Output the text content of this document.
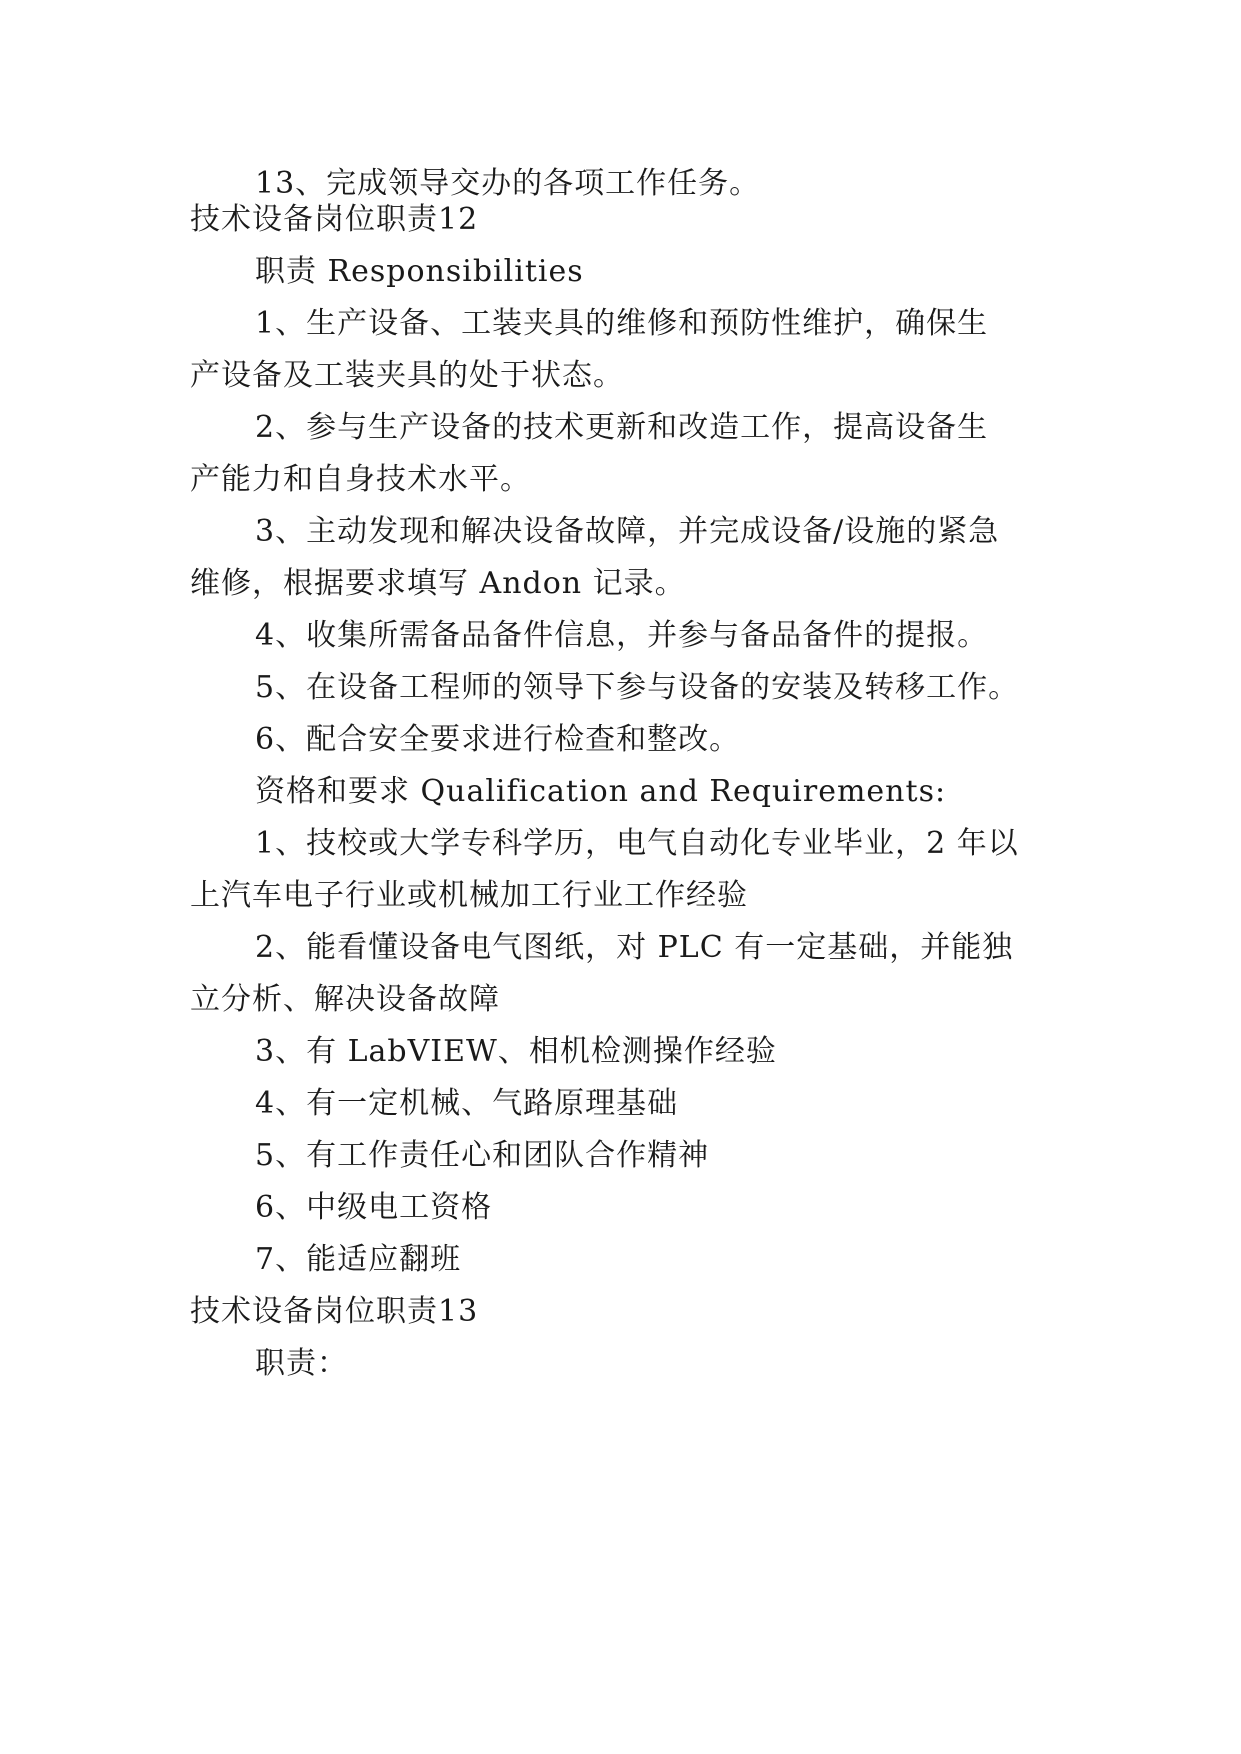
13、完成领导交办的各项工作任务。
技术设备岗位职责12
职责 Responsibilities
1、生产设备、工装夹具的维修和预防性维护，确保生
产设备及工装夹具的处于状态。
2、参与生产设备的技术更新和改造工作，提高设备生
产能力和自身技术水平。
3、主动发现和解决设备故障，并完成设备/设施的紧急
维修，根据要求填写 Andon 记录。
4、收集所需备品备件信息，并参与备品备件的提报。
5、在设备工程师的领导下参与设备的安装及转移工作。
6、配合安全要求进行检查和整改。
资格和要求 Qualification and Requirements:
1、技校或大学专科学历，电气自动化专业毕业，2 年以
上汽车电子行业或机械加工行业工作经验
2、能看懂设备电气图纸，对 PLC 有一定基础，并能独
立分析、解决设备故障
3、有 LabVIEW、相机检测操作经验
4、有一定机械、气路原理基础
5、有工作责任心和团队合作精神
6、中级电工资格
7、能适应翻班
技术设备岗位职责13
职责：
